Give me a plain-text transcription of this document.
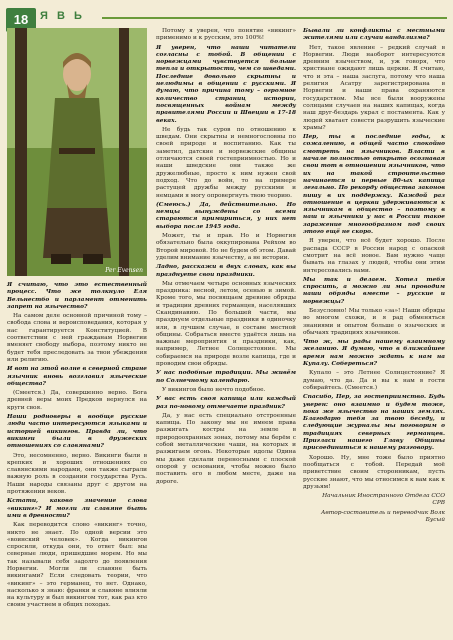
18	Я В Ь
Per Evensen

Я считаю, что это естественный процесс. Что же толкнуло Еля Вельнестбо и парламент отменить запрет на язычество?

На самом деле основной причиной тому – свобода слова и вероисповедания, которая у нас гарантируется Конституцией. В соответствии с ней гражданам Норвегии вменяет свободу выбора, поэтому никто не будет тебя преследовать за твои убеждения или религию.

И вот на этой волне в северной стране язычник вновь возглавил языческие общества?

(Смеется.) Да, совершенно верно. Бога древней веры моих Предков вернулся на круги своя.

Наши родноверы в вообще русские люди часто интересуются языками и историей викингов. Правда ли, что викинги были в дружеских отношениях со славянами?

Это, несомненно, верно. Викинги были в крепких и хороших отношениях со славянскими народами, они также сыграли важную роль в создании государства Русь. Наши народы связаны друг с другом на протяжении веков.

Кстати, каково значение слова «викинг»? И могли ли славяне быть ими в древности?

Как переводится слово «викинг» точно, никто не знает. По одной версии это «воинский человек». Когда викингов спросили, откуда они, то ответ был: мы северные люди, пришедшие морем. Но мы так называли себя задолго до появления Норвегии. Могли ли славяне быть викингами? Если следовать теории, что «викинг» – это германец, то нет. Однако, насколько я знаю: франки и славяне влияли на культуру и был викингом тот, как раз кто своим участием в общих походах.

Потому я уверен, что понятие «викинг» применимо и к русским, это 100%!

Я уверен, что наши читатели согласны с тобой. В общении с норвежцами чувствуется больше тепла и открытости, чем со шведами. Последние довольно скрытны и нелюдимы в общении с русскими. Я думаю, что причина тому – огромное количество страниц истории, посвященных войнам между правителями России и Швеции в 17-18 веках.

Не будь так суров по отношению к шведам. Они скрытны и немногословны по своей природе и воспитанию. Как ты заметил, датские и норвежские общины отличаются своей гостеприимностью. Но и наши шведские они также же дружелюбные, просто к ним нужен свой подход. Что до войн, то на примере растущей дружбы между русскими и немцами я могу опровергнуть твою теорию.

(Смеюсь.) Да, действительно. Но немцы вынуждены со всеми стараются примириться, у них нет выбора после 1945 года.

Может, ты и прав. Но и Норвегия обязательно была оккупирована Рейхом во Второй мировой. Но не будем об этом. Давай уделим внимание язычеству, а не истории.

Ладно, расскажи в двух словах, как вы празднуете свои праздники.

Мы отмечаем четыре основных языческих праздника: весной, летом, осенью и зимой. Кроме того, мы посвящаем древние обряды и традиции древних германцев, населявших Скандинавию. По большей части, мы празднуем отдельные праздники в одиночку или, в лучшем случае, в составе местной общины. Собраться вместе удаётся лишь на важные мероприятия и праздники, как, например, Летнее Солнцестояние. Мы собираемся на природе возле капища, где и проводим свои обряды.

У нас подобные традиции. Мы живём по Солнечному календарю.

У викингов было нечто подобное.

У вас есть своя капища или каждый раз по-новому отмечаете праздник?

Да, у нас есть специально отстроенные капища. По закону мы не имеем права разжигать костры на земле в природоохранных зонах, потому мы берём с собой металлические чаши, на которых и разжигаем огонь. Некоторые идолы Одина мы даже сделали переносными с плоской опорой у основания, чтобы можно было поставить его в любом месте, даже на дороге.

Бывали ли конфликты с местными жителями или случаи вандализма?

Нет, такое явление – редкий случай в Норвегии. Люди наоборот интересуются древним язычеством, и, уж говоря, что христиане ожидают лишь церкви. Я считаю, что и эта – наша заслуга, потому что наша религия Асатру зарегистрирована в Норвегии и наши права охраняются государством. Мы все были вооружены солнцами случаев на наших капищах, когда наш друг-бездарь украл с постамента. Как у людей хватает совести разрушить языческие храмы?

Пер, ты в последние годы, к сожалению, в общей часто спокойно смотреть на язычников. Власти в начале полностью открыто осознавая свои тот в отношении язычников, что их на такой строительство начинается и первые 80-ых капища легально. По рекорду общества законов пишу в их поддержку. Каждой раз отношение в церкви удерживаются к язычникам в общество – поэтому в наш и язычники у нас в России такое заражение многообразном под своих этого ещё не скоро.

Я уверен, что всё будет хорошо. После распада СССР в России народ с опаской смотрит на всё новое. Вам нужно чаще бывать на глазах у людей, чтобы они этим интересовались вами.

Мы так и делаем. Хотел тебя спросить, а можно ли мы проводим наши обряды вместе – русские и норвежцы?

Безусловно! Мы только «за»! Наши обряды во многом схожи, и я рад обменяться знаниями и опытом больше о языческих и обычаях традициях язычников.

Что ж, мы рады нашему взаимному желанию. Я думаю, что в ближайшее время нам можно ждать к нам на Купалу. Собереться?

Купало – это Летнее Солнцестояние? Я думаю, что да. Да и вы к нам в гости собирайтесь. (Смеется.)

Спасибо, Пер, за гостеприимство. Будь уверен: оно взаимно и будем тоже, пока же язычество на наших землях. Благодарю тебя за твою беседу, и следующие журналы мы поговорим о традициях северных германцев. Пригласи нашего Главу Общины присоединиться к нашему разговору.

Хорошо. Ну, мне тоже было приятно пообщаться с тобой. Передай моё приветствие своим сторонникам, пусть русские знают, что мы относимся к вам как к друзьям!

Начальник Иностранного Отдела ССО СРВ

Автор-составитель и переводчик Волк Бусый
